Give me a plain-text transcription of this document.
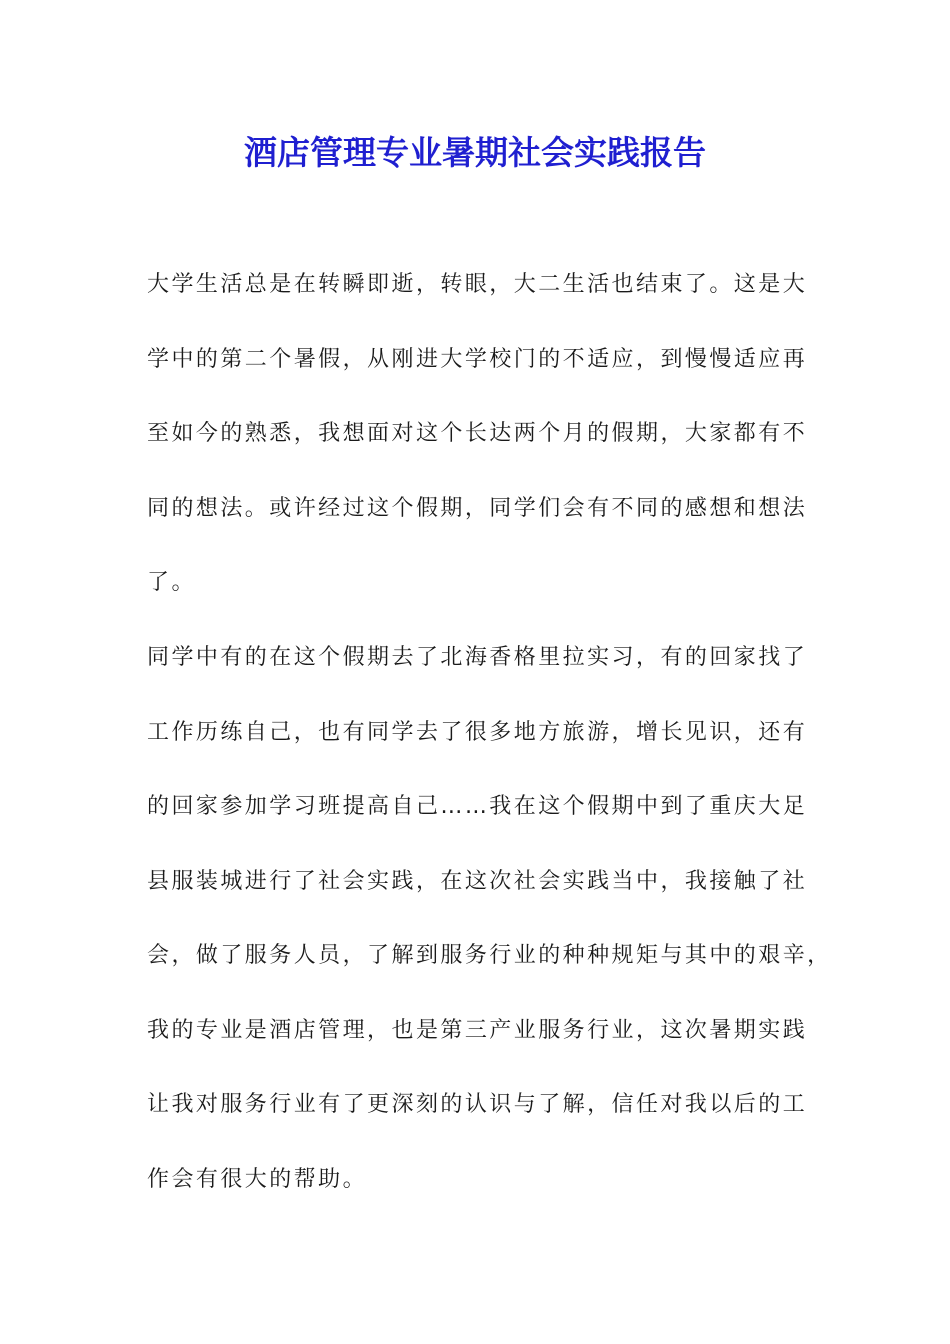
酒店管理专业暑期社会实践报告
大学生活总是在转瞬即逝，转眼，大二生活也结束了。这是大
学中的第二个暑假，从刚进大学校门的不适应，到慢慢适应再
至如今的熟悉，我想面对这个长达两个月的假期，大家都有不
同的想法。或许经过这个假期，同学们会有不同的感想和想法
了。
同学中有的在这个假期去了北海香格里拉实习，有的回家找了
工作历练自己，也有同学去了很多地方旅游，增长见识，还有
的回家参加学习班提高自己……我在这个假期中到了重庆大足
县服装城进行了社会实践，在这次社会实践当中，我接触了社
会，做了服务人员，了解到服务行业的种种规矩与其中的艰辛，
我的专业是酒店管理，也是第三产业服务行业，这次暑期实践
让我对服务行业有了更深刻的认识与了解，信任对我以后的工
作会有很大的帮助。
